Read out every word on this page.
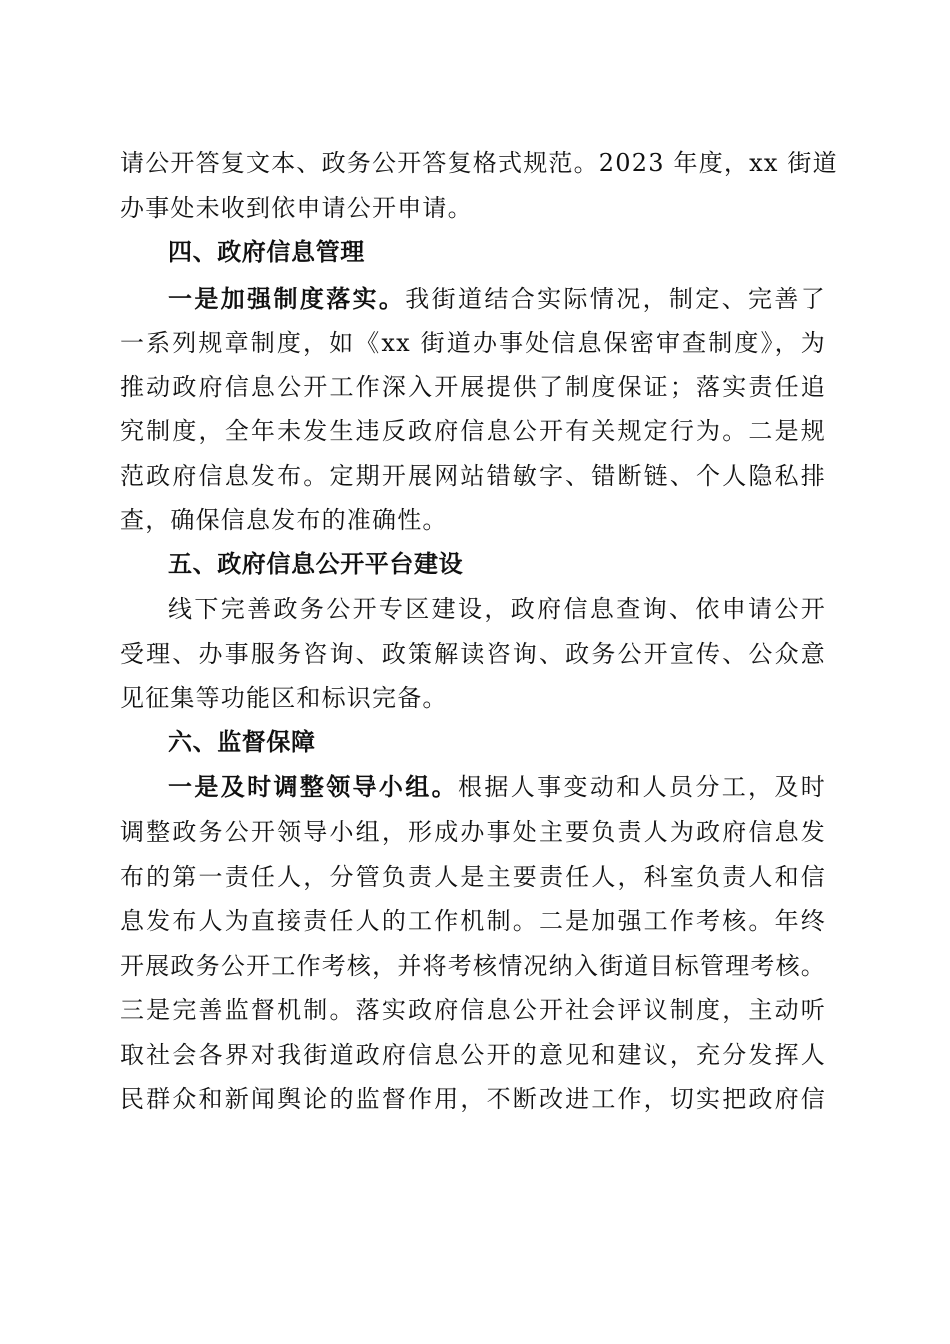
请公开答复文本、政务公开答复格式规范。2023 年度，xx 街道
办事处未收到依申请公开申请。
四、政府信息管理
一是加强制度落实。我街道结合实际情况，制定、完善了
一系列规章制度，如《xx 街道办事处信息保密审查制度》，为
推动政府信息公开工作深入开展提供了制度保证；落实责任追
究制度，全年未发生违反政府信息公开有关规定行为。二是规
范政府信息发布。定期开展网站错敏字、错断链、个人隐私排
查，确保信息发布的准确性。
五、政府信息公开平台建设
线下完善政务公开专区建设，政府信息查询、依申请公开
受理、办事服务咨询、政策解读咨询、政务公开宣传、公众意
见征集等功能区和标识完备。
六、监督保障
一是及时调整领导小组。根据人事变动和人员分工，及时
调整政务公开领导小组，形成办事处主要负责人为政府信息发
布的第一责任人，分管负责人是主要责任人，科室负责人和信
息发布人为直接责任人的工作机制。二是加强工作考核。年终
开展政务公开工作考核，并将考核情况纳入街道目标管理考核。
三是完善监督机制。落实政府信息公开社会评议制度，主动听
取社会各界对我街道政府信息公开的意见和建议，充分发挥人
民群众和新闻舆论的监督作用，不断改进工作，切实把政府信
